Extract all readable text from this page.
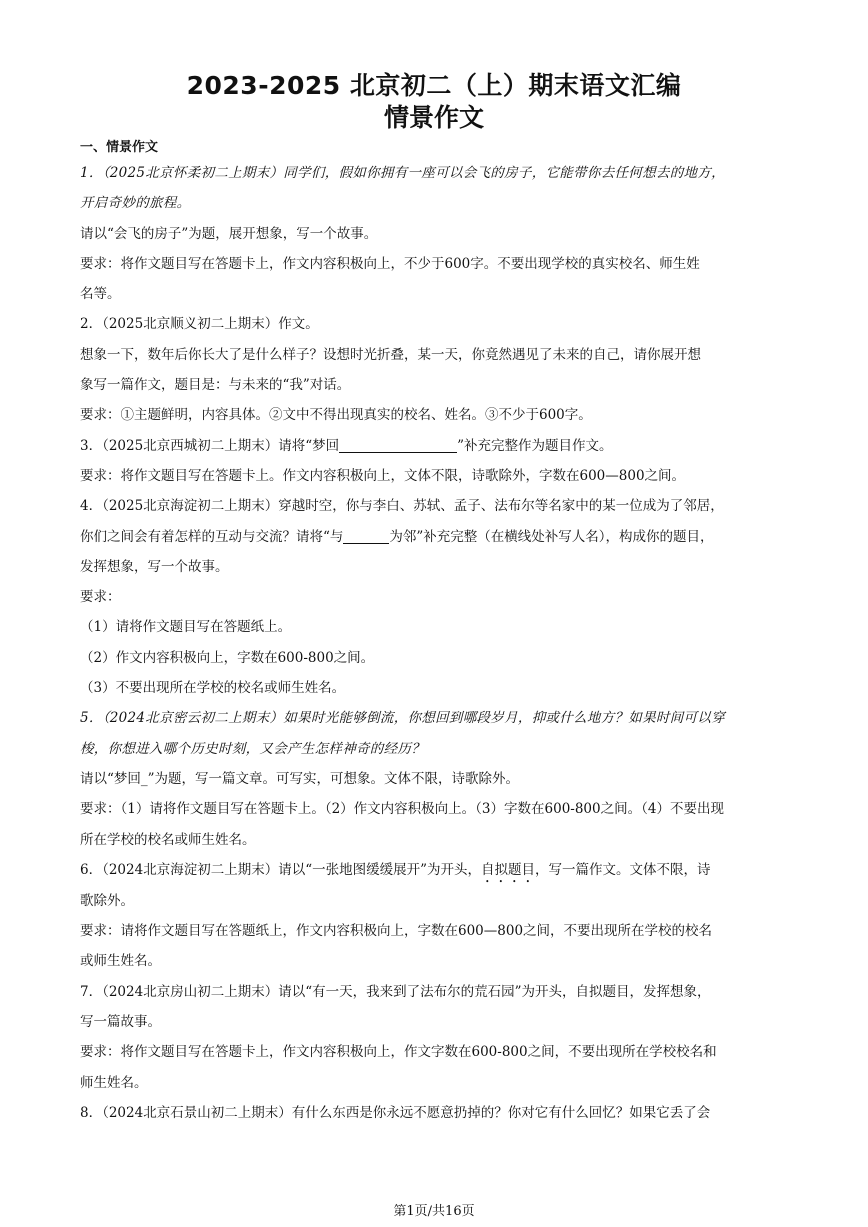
2023-2025 北京初二（上）期末语文汇编
情景作文
一、情景作文
1．（2025北京怀柔初二上期末）同学们，假如你拥有一座可以会飞的房子，它能带你去任何想去的地方，
开启奇妙的旅程。
请以“会飞的房子”为题，展开想象，写一个故事。
要求：将作文题目写在答题卡上，作文内容积极向上，不少于600字。不要出现学校的真实校名、师生姓
名等。
2．（2025北京顺义初二上期末）作文。
想象一下，数年后你长大了是什么样子？设想时光折叠，某一天，你竟然遇见了未来的自己，请你展开想
象写一篇作文，题目是：与未来的“我”对话。
要求：①主题鲜明，内容具体。②文中不得出现真实的校名、姓名。③不少于600字。
3．（2025北京西城初二上期末）请将“梦回	”补充完整作为题目作文。
要求：将作文题目写在答题卡上。作文内容积极向上，文体不限，诗歌除外，字数在600—800之间。
4．（2025北京海淀初二上期末）穿越时空，你与李白、苏轼、孟子、法布尔等名家中的某一位成为了邻居，
你们之间会有着怎样的互动与交流？请将“与	为邻”补充完整（在横线处补写人名），构成你的题目，
发挥想象，写一个故事。
要求：
（1）请将作文题目写在答题纸上。
（2）作文内容积极向上，字数在600-800之间。
（3）不要出现所在学校的校名或师生姓名。
5．（2024北京密云初二上期末）如果时光能够倒流，你想回到哪段岁月，抑或什么地方？如果时间可以穿
梭，你想进入哪个历史时刻，又会产生怎样神奇的经历？
请以“梦回_”为题，写一篇文章。可写实，可想象。文体不限，诗歌除外。
要求：（1）请将作文题目写在答题卡上。（2）作文内容积极向上。（3）字数在600-800之间。（4）不要出现
所在学校的校名或师生姓名。
6．（2024北京海淀初二上期末）请以“一张地图缓缓展开”为开头，自拟题目，写一篇作文。文体不限，诗
歌除外。
要求：请将作文题目写在答题纸上，作文内容积极向上，字数在600—800之间，不要出现所在学校的校名
或师生姓名。
7．（2024北京房山初二上期末）请以“有一天，我来到了法布尔的荒石园”为开头，自拟题目，发挥想象，
写一篇故事。
要求：将作文题目写在答题卡上，作文内容积极向上，作文字数在600-800之间，不要出现所在学校校名和
师生姓名。
8．（2024北京石景山初二上期末）有什么东西是你永远不愿意扔掉的？你对它有什么回忆？如果它丢了会
第1页/共16页
